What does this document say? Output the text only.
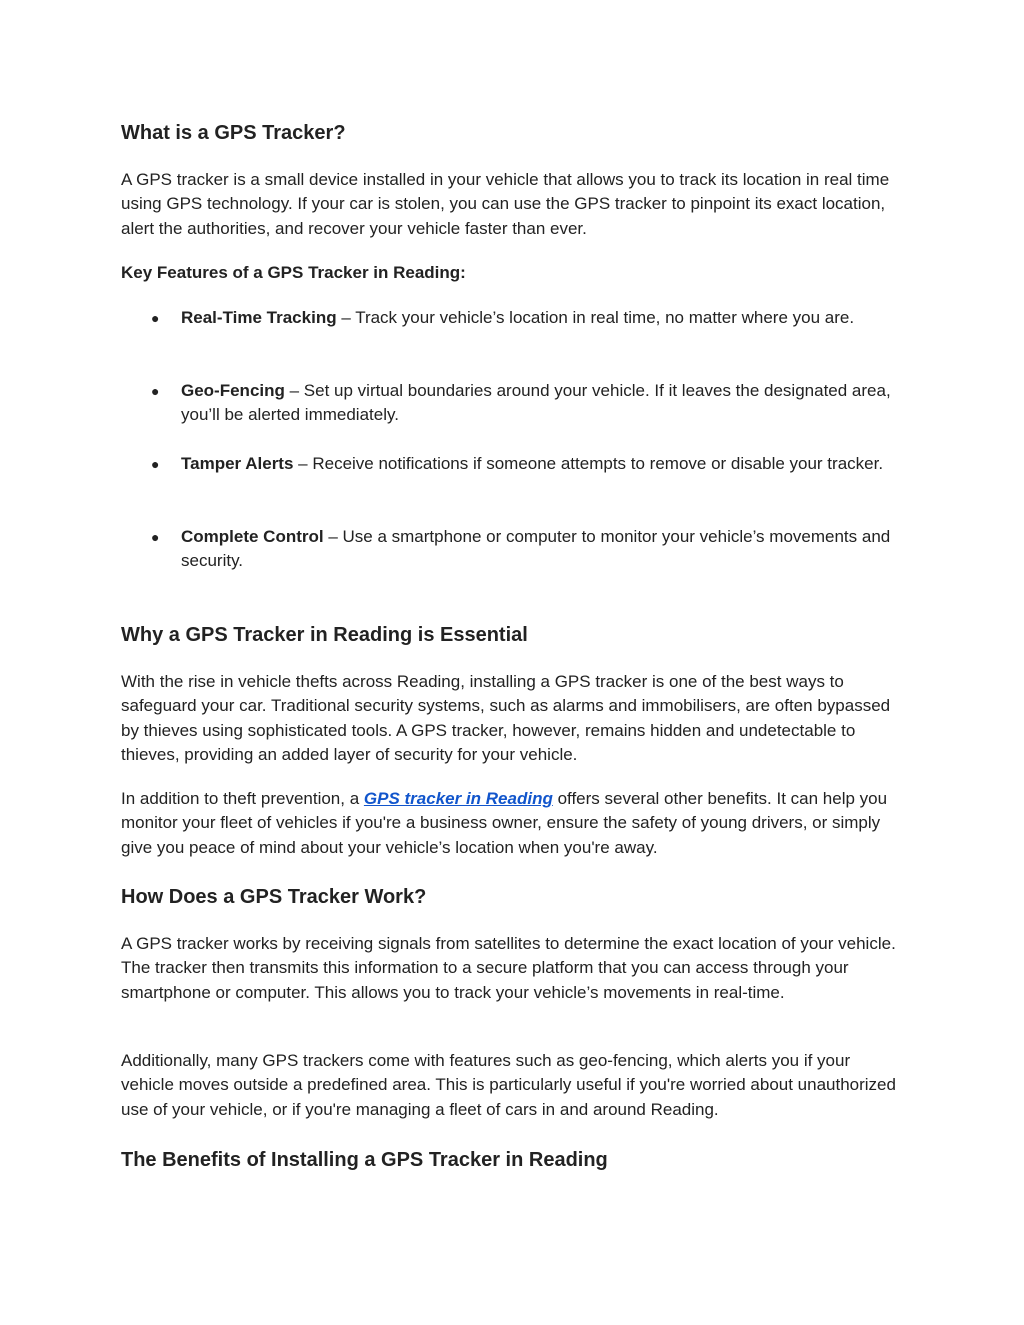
What is a GPS Tracker?

A GPS tracker is a small device installed in your vehicle that allows you to track its location in real time using GPS technology. If your car is stolen, you can use the GPS tracker to pinpoint its exact location, alert the authorities, and recover your vehicle faster than ever.

Key Features of a GPS Tracker in Reading:

● Real-Time Tracking – Track your vehicle’s location in real time, no matter where you are.
● Geo-Fencing – Set up virtual boundaries around your vehicle. If it leaves the designated area, you’ll be alerted immediately.
● Tamper Alerts – Receive notifications if someone attempts to remove or disable your tracker.
● Complete Control – Use a smartphone or computer to monitor your vehicle’s movements and security.
Why a GPS Tracker in Reading is Essential

With the rise in vehicle thefts across Reading, installing a GPS tracker is one of the best ways to safeguard your car. Traditional security systems, such as alarms and immobilisers, are often bypassed by thieves using sophisticated tools. A GPS tracker, however, remains hidden and undetectable to thieves, providing an added layer of security for your vehicle.

In addition to theft prevention, a GPS tracker in Reading offers several other benefits. It can help you monitor your fleet of vehicles if you're a business owner, ensure the safety of young drivers, or simply give you peace of mind about your vehicle’s location when you're away.

How Does a GPS Tracker Work?

A GPS tracker works by receiving signals from satellites to determine the exact location of your vehicle. The tracker then transmits this information to a secure platform that you can access through your smartphone or computer. This allows you to track your vehicle’s movements in real-time.

Additionally, many GPS trackers come with features such as geo-fencing, which alerts you if your vehicle moves outside a predefined area. This is particularly useful if you're worried about unauthorized use of your vehicle, or if you're managing a fleet of cars in and around Reading.

The Benefits of Installing a GPS Tracker in Reading
